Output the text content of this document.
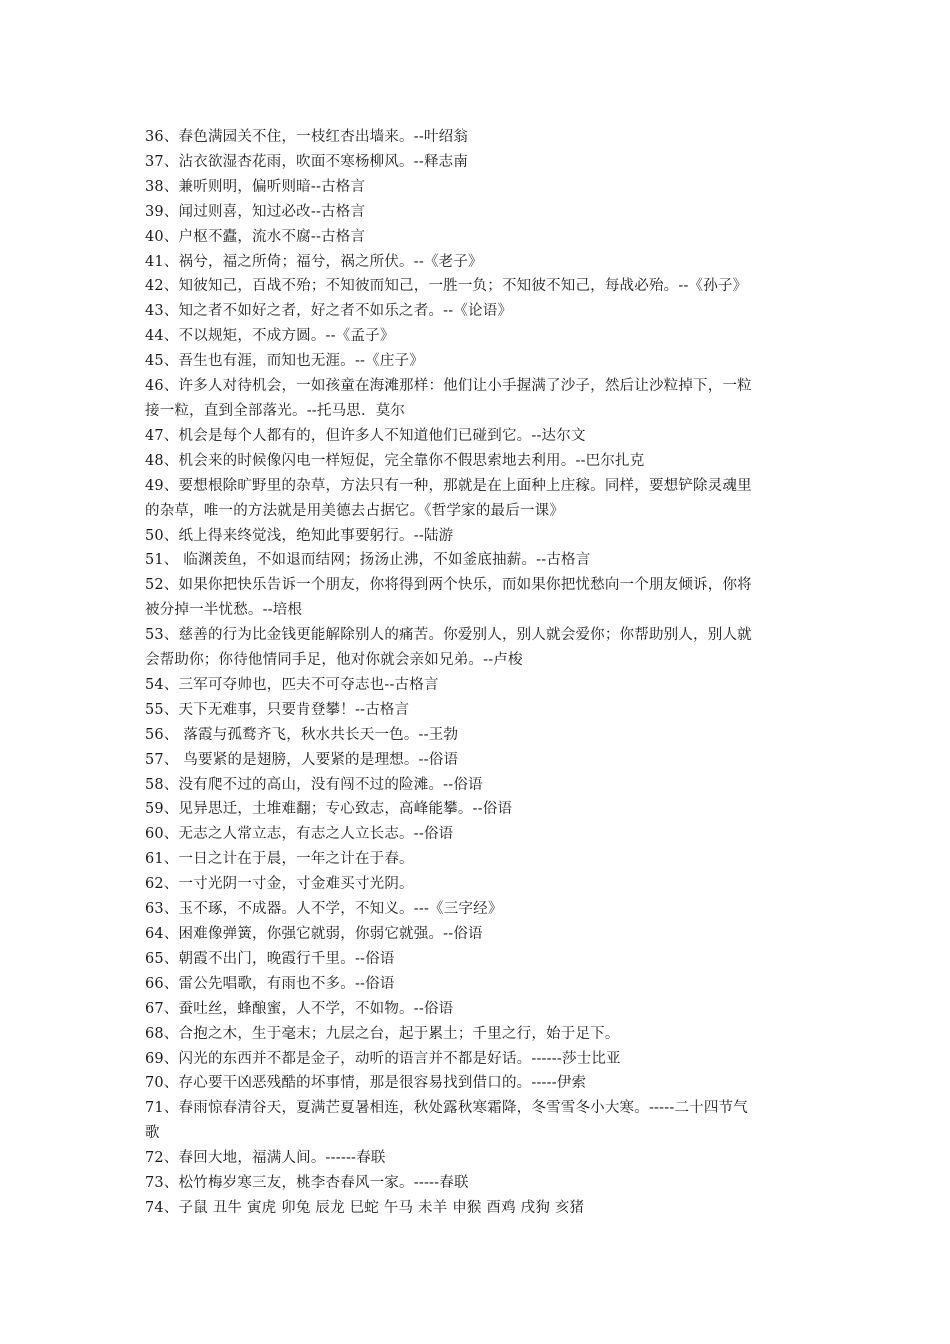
36、春色满园关不住，一枝红杏出墙来。--叶绍翁
37、沾衣欲湿杏花雨，吹面不寒杨柳风。--释志南
38、兼听则明，偏听则暗--古格言
39、闻过则喜，知过必改--古格言
40、户枢不蠹，流水不腐--古格言
41、祸兮，福之所倚；福兮，祸之所伏。--《老子》
42、知彼知己，百战不殆；不知彼而知己，一胜一负；不知彼不知己，每战必殆。--《孙子》
43、知之者不如好之者，好之者不如乐之者。--《论语》
44、不以规矩，不成方圆。--《孟子》
45、吾生也有涯，而知也无涯。--《庄子》
46、许多人对待机会，一如孩童在海滩那样：他们让小手握满了沙子，然后让沙粒掉下，一粒
接一粒，直到全部落光。--托马思．莫尔
47、机会是每个人都有的，但许多人不知道他们已碰到它。--达尔文
48、机会来的时候像闪电一样短促，完全靠你不假思索地去利用。--巴尔扎克
49、要想根除旷野里的杂草，方法只有一种，那就是在上面种上庄稼。同样，要想铲除灵魂里
的杂草，唯一的方法就是用美德去占据它。《哲学家的最后一课》
50、纸上得来终觉浅，绝知此事要躬行。--陆游
51、 临渊羡鱼，不如退而结网；扬汤止沸，不如釜底抽薪。--古格言
52、如果你把快乐告诉一个朋友，你将得到两个快乐，而如果你把忧愁向一个朋友倾诉，你将
被分掉一半忧愁。--培根
53、慈善的行为比金钱更能解除别人的痛苦。你爱别人，别人就会爱你；你帮助别人，别人就
会帮助你；你待他情同手足，他对你就会亲如兄弟。--卢梭
54、三军可夺帅也，匹夫不可夺志也--古格言
55、天下无难事，只要肯登攀！--古格言
56、 落霞与孤鹜齐飞，秋水共长天一色。--王勃
57、 鸟要紧的是翅膀，人要紧的是理想。--俗语
58、没有爬不过的高山，没有闯不过的险滩。--俗语
59、见异思迁，土堆难翻；专心致志，高峰能攀。--俗语
60、无志之人常立志，有志之人立长志。--俗语
61、一日之计在于晨，一年之计在于春。
62、一寸光阴一寸金，寸金难买寸光阴。
63、玉不琢，不成器。人不学，不知义。---《三字经》
64、困难像弹簧，你强它就弱，你弱它就强。--俗语
65、朝霞不出门，晚霞行千里。--俗语
66、雷公先唱歌，有雨也不多。--俗语
67、蚕吐丝，蜂酿蜜，人不学，不如物。--俗语
68、合抱之木，生于毫末；九层之台，起于累土；千里之行，始于足下。
69、闪光的东西并不都是金子，动听的语言并不都是好话。------莎士比亚
70、存心要干凶恶残酷的坏事情，那是很容易找到借口的。-----伊索
71、春雨惊春清谷天，夏满芒夏暑相连，秋处露秋寒霜降，冬雪雪冬小大寒。-----二十四节气
歌
72、春回大地，福满人间。------春联
73、松竹梅岁寒三友，桃李杏春风一家。-----春联
74、子鼠 丑牛 寅虎 卯兔 辰龙 巳蛇 午马 未羊 申猴 酉鸡 戌狗 亥猪
